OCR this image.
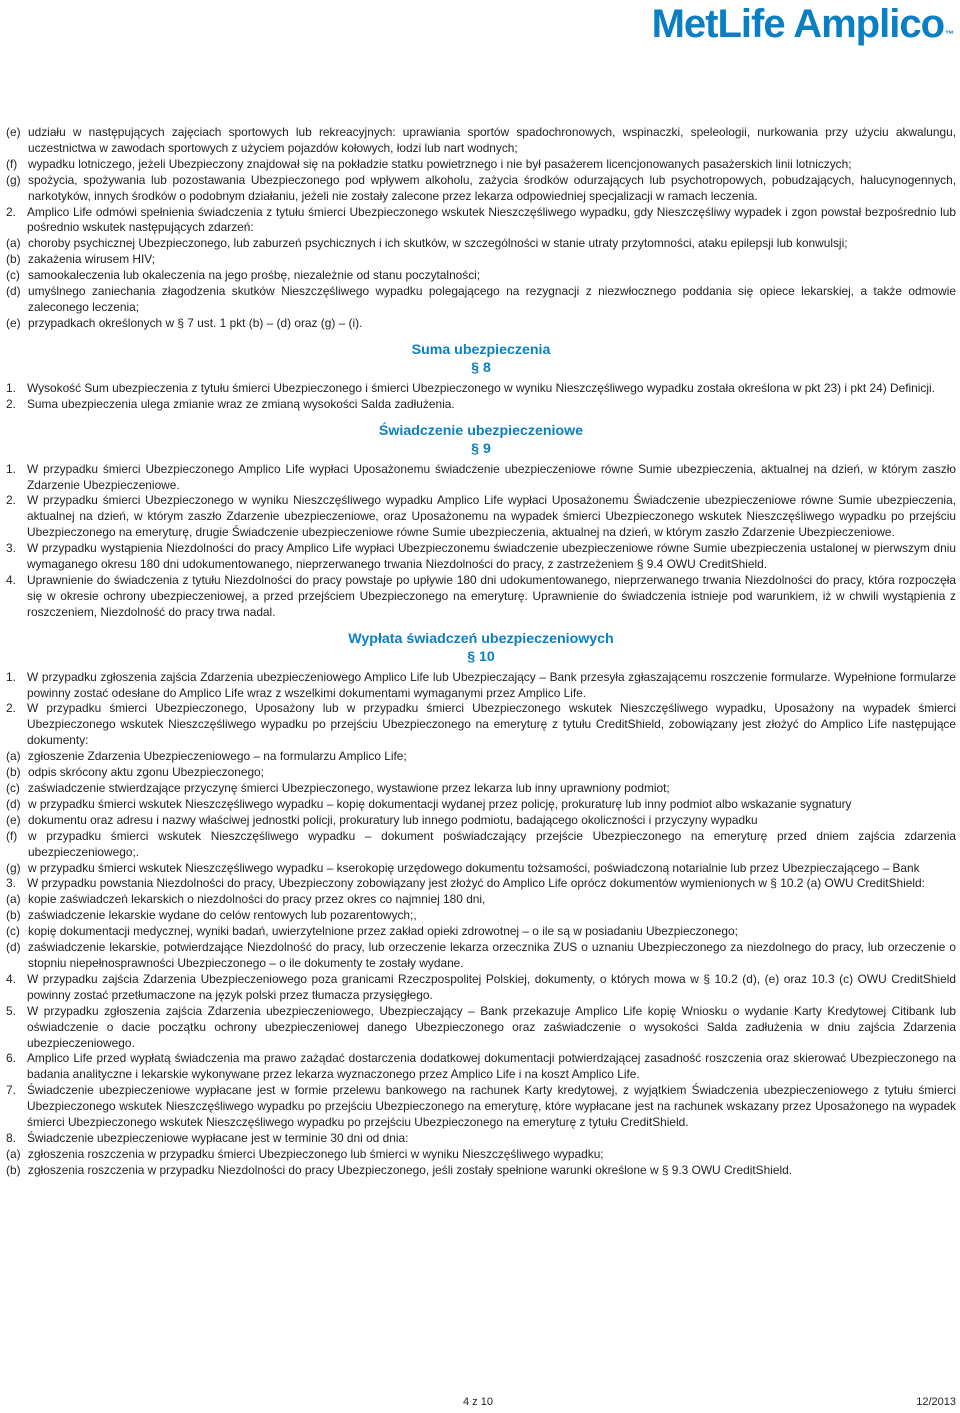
MetLife Amplico™
(e) udziału w następujących zajęciach sportowych lub rekreacyjnych: uprawiania sportów spadochronowych, wspinaczki, speleologii, nurkowania przy użyciu akwalungu, uczestnictwa w zawodach sportowych z użyciem pojazdów kołowych, łodzi lub nart wodnych;
(f) wypadku lotniczego, jeżeli Ubezpieczony znajdował się na pokładzie statku powietrznego i nie był pasażerem licencjonowanych pasażerskich linii lotniczych;
(g) spożycia, spożywania lub pozostawania Ubezpieczonego pod wpływem alkoholu, zażycia środków odurzających lub psychotropowych, pobudzających, halucynogennych, narkotyków, innych środków o podobnym działaniu, jeżeli nie zostały zalecone przez lekarza odpowiedniej specjalizacji w ramach leczenia.
2. Amplico Life odmówi spełnienia świadczenia z tytułu śmierci Ubezpieczonego wskutek Nieszczęśliwego wypadku, gdy Nieszczęśliwy wypadek i zgon powstał bezpośrednio lub pośrednio wskutek następujących zdarzeń:
(a) choroby psychicznej Ubezpieczonego, lub zaburzeń psychicznych i ich skutków, w szczególności w stanie utraty przytomności, ataku epilepsji lub konwulsji;
(b) zakażenia wirusem HIV;
(c) samookaleczenia lub okaleczenia na jego prośbę, niezależnie od stanu poczytalności;
(d) umyślnego zaniechania złagodzenia skutków Nieszczęśliwego wypadku polegającego na rezygnacji z niezwłocznego poddania się opiece lekarskiej, a także odmowie zaleconego leczenia;
(e) przypadkach określonych w § 7 ust. 1 pkt (b) – (d) oraz (g) – (i).
Suma ubezpieczenia
§ 8
1. Wysokość Sum ubezpieczenia z tytułu śmierci Ubezpieczonego i śmierci Ubezpieczonego w wyniku Nieszczęśliwego wypadku została określona w pkt 23) i pkt 24) Definicji.
2. Suma ubezpieczenia ulega zmianie wraz ze zmianą wysokości Salda zadłużenia.
Świadczenie ubezpieczeniowe
§ 9
1. W przypadku śmierci Ubezpieczonego Amplico Life wypłaci Uposażonemu świadczenie ubezpieczeniowe równe Sumie ubezpieczenia, aktualnej na dzień, w którym zaszło Zdarzenie Ubezpieczeniowe.
2. W przypadku śmierci Ubezpieczonego w wyniku Nieszczęśliwego wypadku Amplico Life wypłaci Uposażonemu Świadczenie ubezpieczeniowe równe Sumie ubezpieczenia, aktualnej na dzień, w którym zaszło Zdarzenie ubezpieczeniowe, oraz Uposażonemu na wypadek śmierci Ubezpieczonego wskutek Nieszczęśliwego wypadku po przejściu Ubezpieczonego na emeryturę, drugie Świadczenie ubezpieczeniowe równe Sumie ubezpieczenia, aktualnej na dzień, w którym zaszło Zdarzenie Ubezpieczeniowe.
3. W przypadku wystąpienia Niezdolności do pracy Amplico Life wypłaci Ubezpieczonemu świadczenie ubezpieczeniowe równe Sumie ubezpieczenia ustalonej w pierwszym dniu wymaganego okresu 180 dni udokumentowanego, nieprzerwanego trwania Niezdolności do pracy, z zastrzeżeniem § 9.4 OWU CreditShield.
4. Uprawnienie do świadczenia z tytułu Niezdolności do pracy powstaje po upływie 180 dni udokumentowanego, nieprzerwanego trwania Niezdolności do pracy, która rozpoczęła się w okresie ochrony ubezpieczeniowej, a przed przejściem Ubezpieczonego na emeryturę. Uprawnienie do świadczenia istnieje pod warunkiem, iż w chwili wystąpienia z roszczeniem, Niezdolność do pracy trwa nadal.
Wypłata świadczeń ubezpieczeniowych
§ 10
1. W przypadku zgłoszenia zajścia Zdarzenia ubezpieczeniowego Amplico Life lub Ubezpieczający – Bank przesyła zgłaszającemu roszczenie formularze. Wypełnione formularze powinny zostać odesłane do Amplico Life wraz z wszelkimi dokumentami wymaganymi przez Amplico Life.
2. W przypadku śmierci Ubezpieczonego, Uposażony lub w przypadku śmierci Ubezpieczonego wskutek Nieszczęśliwego wypadku, Uposażony na wypadek śmierci Ubezpieczonego wskutek Nieszczęśliwego wypadku po przejściu Ubezpieczonego na emeryturę z tytułu CreditShield, zobowiązany jest złożyć do Amplico Life następujące dokumenty:
(a) zgłoszenie Zdarzenia Ubezpieczeniowego – na formularzu Amplico Life;
(b) odpis skrócony aktu zgonu Ubezpieczonego;
(c) zaświadczenie stwierdzające przyczynę śmierci Ubezpieczonego, wystawione przez lekarza lub inny uprawniony podmiot;
(d) w przypadku śmierci wskutek Nieszczęśliwego wypadku – kopię dokumentacji wydanej przez policję, prokuraturę lub inny podmiot albo wskazanie sygnatury
(e) dokumentu oraz adresu i nazwy właściwej jednostki policji, prokuratury lub innego podmiotu, badającego okoliczności i przyczyny wypadku
(f) w przypadku śmierci wskutek Nieszczęśliwego wypadku – dokument poświadczający przejście Ubezpieczonego na emeryturę przed dniem zajścia zdarzenia ubezpieczeniowego;.
(g) w przypadku śmierci wskutek Nieszczęśliwego wypadku – kserokopię urzędowego dokumentu tożsamości, poświadczoną notarialnie lub przez Ubezpieczającego – Bank
3. W przypadku powstania Niezdolności do pracy, Ubezpieczony zobowiązany jest złożyć do Amplico Life oprócz dokumentów wymienionych w § 10.2 (a) OWU CreditShield:
(a) kopie zaświadczeń lekarskich o niezdolności do pracy przez okres co najmniej 180 dni,
(b) zaświadczenie lekarskie wydane do celów rentowych lub pozarentowych;,
(c) kopię dokumentacji medycznej, wyniki badań, uwierzytelnione przez zakład opieki zdrowotnej – o ile są w posiadaniu Ubezpieczonego;
(d) zaświadczenie lekarskie, potwierdzające Niezdolność do pracy, lub orzeczenie lekarza orzecznika ZUS o uznaniu Ubezpieczonego za niezdolnego do pracy, lub orzeczenie o stopniu niepełnosprawności Ubezpieczonego – o ile dokumenty te zostały wydane.
4. W przypadku zajścia Zdarzenia Ubezpieczeniowego poza granicami Rzeczpospolitej Polskiej, dokumenty, o których mowa w § 10.2 (d), (e) oraz 10.3 (c) OWU CreditShield powinny zostać przetłumaczone na język polski przez tłumacza przysięgłego.
5. W przypadku zgłoszenia zajścia Zdarzenia ubezpieczeniowego, Ubezpieczający – Bank przekazuje Amplico Life kopię Wniosku o wydanie Karty Kredytowej Citibank lub oświadczenie o dacie początku ochrony ubezpieczeniowej danego Ubezpieczonego oraz zaświadczenie o wysokości Salda zadłużenia w dniu zajścia Zdarzenia ubezpieczeniowego.
6. Amplico Life przed wypłatą świadczenia ma prawo zażądać dostarczenia dodatkowej dokumentacji potwierdzającej zasadność roszczenia oraz skierować Ubezpieczonego na badania analityczne i lekarskie wykonywane przez lekarza wyznaczonego przez Amplico Life i na koszt Amplico Life.
7. Świadczenie ubezpieczeniowe wypłacane jest w formie przelewu bankowego na rachunek Karty kredytowej, z wyjątkiem Świadczenia ubezpieczeniowego z tytułu śmierci Ubezpieczonego wskutek Nieszczęśliwego wypadku po przejściu Ubezpieczonego na emeryturę, które wypłacane jest na rachunek wskazany przez Uposażonego na wypadek śmierci Ubezpieczonego wskutek Nieszczęśliwego wypadku po przejściu Ubezpieczonego na emeryturę z tytułu CreditShield.
8. Świadczenie ubezpieczeniowe wypłacane jest w terminie 30 dni od dnia:
(a) zgłoszenia roszczenia w przypadku śmierci Ubezpieczonego lub śmierci w wyniku Nieszczęśliwego wypadku;
(b) zgłoszenia roszczenia w przypadku Niezdolności do pracy Ubezpieczonego, jeśli zostały spełnione warunki określone w § 9.3 OWU CreditShield.
4 z 10	12/2013
